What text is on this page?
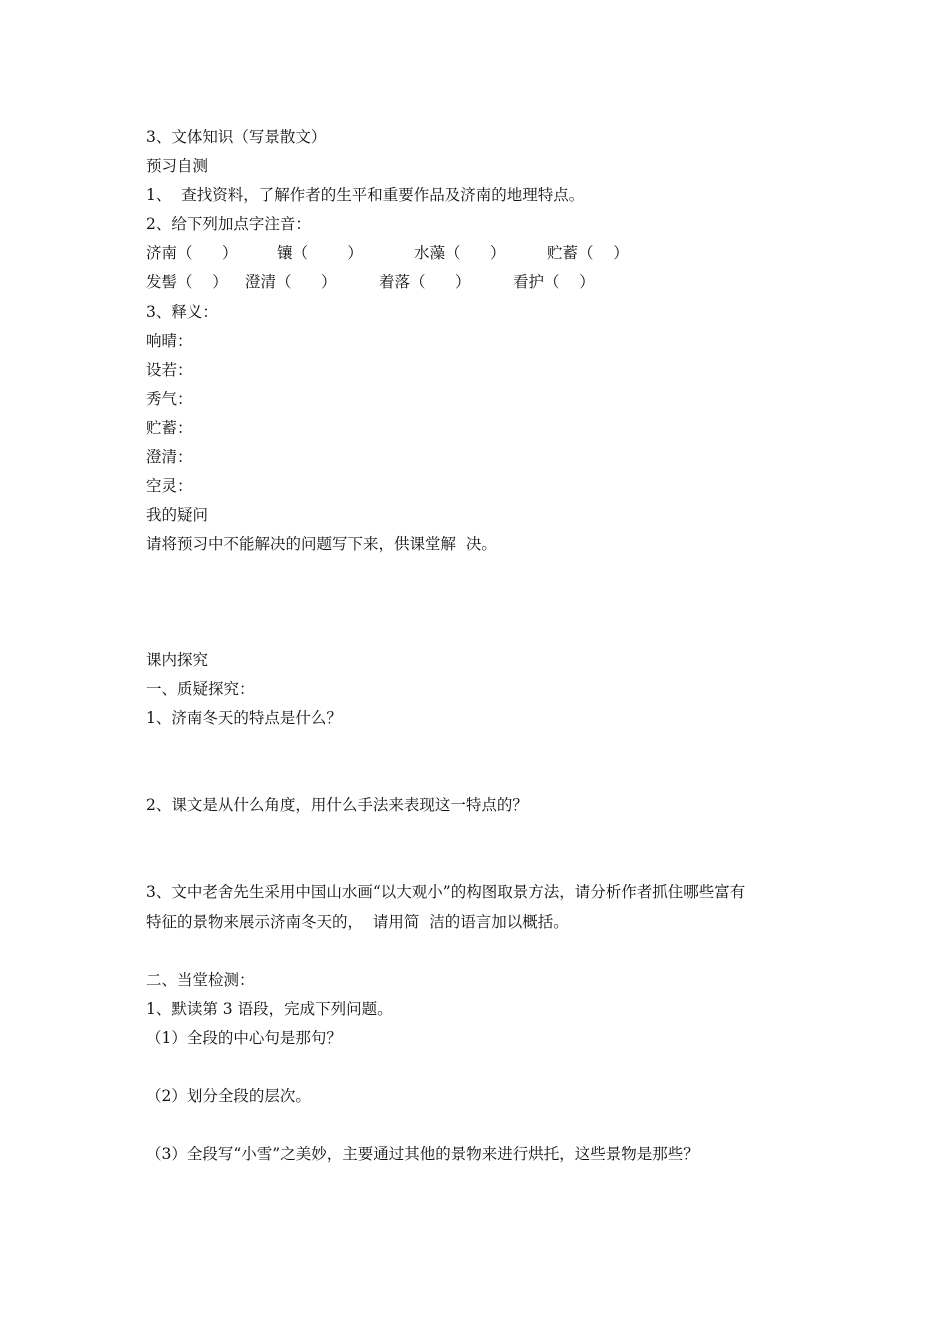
3、文体知识（写景散文）
预习自测
1、  查找资料，了解作者的生平和重要作品及济南的地理特点。
2、给下列加点字注音：
济南（      ）	镶（        ）	水藻（      ）	贮蓄（    ）
发髻（    ） 澄清（      ）	着落（      ）	看护（    ）
3、释义：
响晴：
设若：
秀气：
贮蓄：
澄清：
空灵：
我的疑问
请将预习中不能解决的问题写下来，供课堂解  决。
课内探究
一、质疑探究：
1、济南冬天的特点是什么？
2、课文是从什么角度，用什么手法来表现这一特点的？
3、文中老舍先生采用中国山水画“以大观小”的构图取景方法，请分析作者抓住哪些富有
特征的景物来展示济南冬天的，  请用简  洁的语言加以概括。
二、当堂检测：
1、默读第 3 语段，完成下列问题。
（1）全段的中心句是那句？
（2）划分全段的层次。
（3）全段写“小雪”之美妙，主要通过其他的景物来进行烘托，这些景物是那些？
